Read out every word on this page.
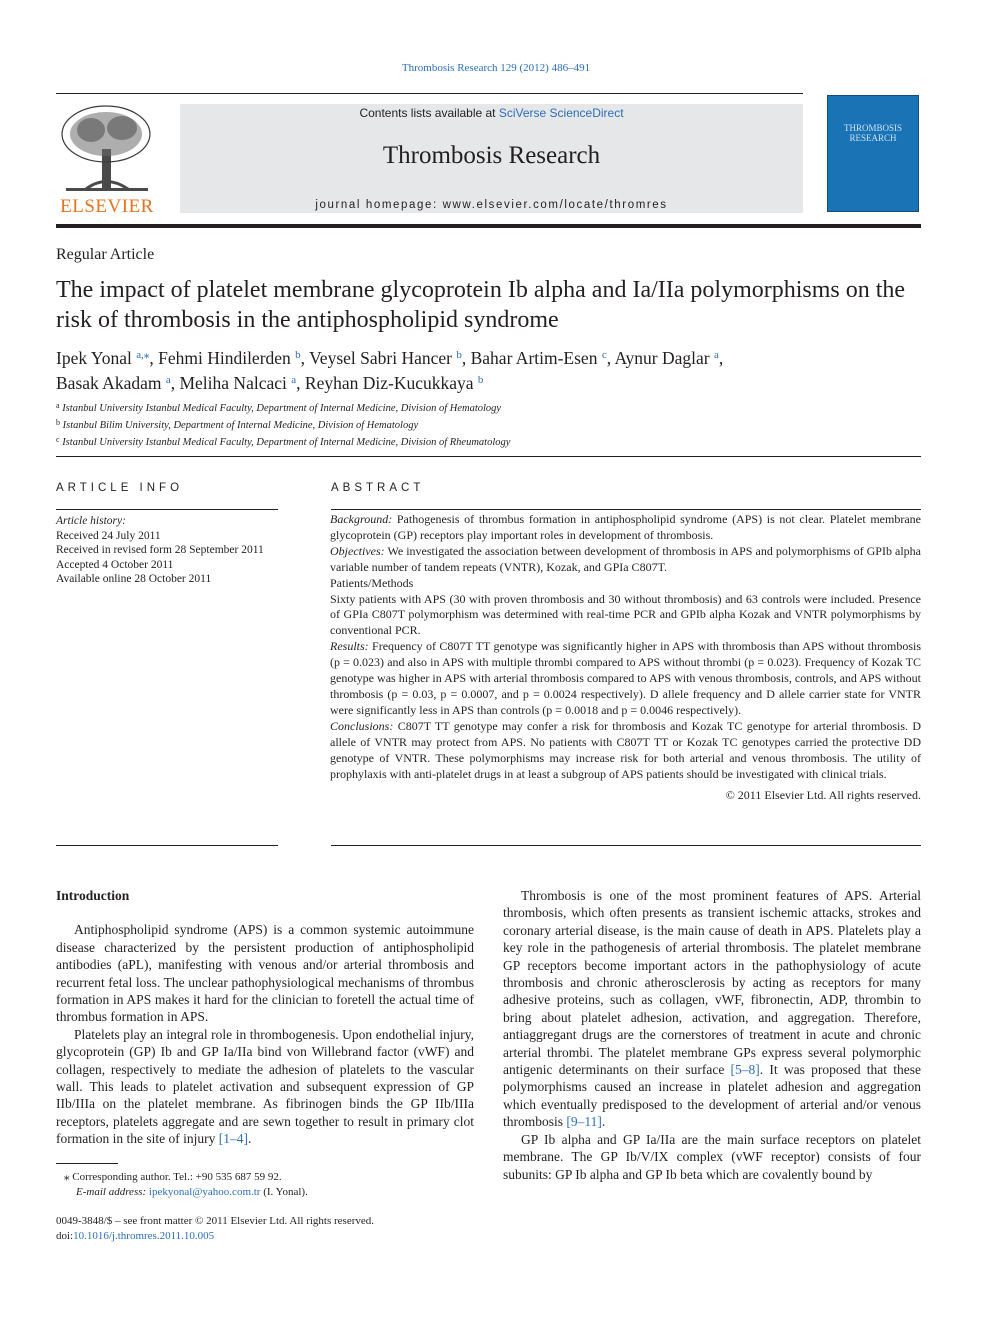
Thrombosis Research 129 (2012) 486–491
ELSEVIER
Contents lists available at SciVerse ScienceDirect
Thrombosis Research
journal homepage: www.elsevier.com/locate/thromres
THROMBOSIS RESEARCH
Regular Article
The impact of platelet membrane glycoprotein Ib alpha and Ia/IIa polymorphisms on the risk of thrombosis in the antiphospholipid syndrome
Ipek Yonal $^{a,⁎}$, Fehmi Hindilerden $^b$, Veysel Sabri Hancer $^b$, Bahar Artim-Esen $^c$, Aynur Daglar $^a$,
Basak Akadam $^a$, Meliha Nalcaci $^a$, Reyhan Diz-Kucukkaya $^b$
$^a$ Istanbul University Istanbul Medical Faculty, Department of Internal Medicine, Division of Hematology
$^b$ Istanbul Bilim University, Department of Internal Medicine, Division of Hematology
$^c$ Istanbul University Istanbul Medical Faculty, Department of Internal Medicine, Division of Rheumatology
ARTICLE INFO
Article history:
Received 24 July 2011
Received in revised form 28 September 2011
Accepted 4 October 2011
Available online 28 October 2011
ABSTRACT

Background: Pathogenesis of thrombus formation in antiphospholipid syndrome (APS) is not clear. Platelet membrane glycoprotein (GP) receptors play important roles in development of thrombosis.

Objectives: We investigated the association between development of thrombosis in APS and polymorphisms of GPIb alpha variable number of tandem repeats (VNTR), Kozak, and GPIa C807T.

Patients/Methods

Sixty patients with APS (30 with proven thrombosis and 30 without thrombosis) and 63 controls were included. Presence of GPIa C807T polymorphism was determined with real-time PCR and GPIb alpha Kozak and VNTR polymorphisms by conventional PCR.

Results: Frequency of C807T TT genotype was significantly higher in APS with thrombosis than APS without thrombosis (p = 0.023) and also in APS with multiple thrombi compared to APS without thrombi (p = 0.023). Frequency of Kozak TC genotype was higher in APS with arterial thrombosis compared to APS with venous thrombosis, controls, and APS without thrombosis (p = 0.03, p = 0.0007, and p = 0.0024 respectively). D allele frequency and D allele carrier state for VNTR were significantly less in APS than controls (p = 0.0018 and p = 0.0046 respectively).

Conclusions: C807T TT genotype may confer a risk for thrombosis and Kozak TC genotype for arterial thrombosis. D allele of VNTR may protect from APS. No patients with C807T TT or Kozak TC genotypes carried the protective DD genotype of VNTR. These polymorphisms may increase risk for both arterial and venous thrombosis. The utility of prophylaxis with anti-platelet drugs in at least a subgroup of APS patients should be investigated with clinical trials.

© 2011 Elsevier Ltd. All rights reserved.

Introduction

Antiphospholipid syndrome (APS) is a common systemic autoimmune disease characterized by the persistent production of antiphospholipid antibodies (aPL), manifesting with venous and/or arterial thrombosis and recurrent fetal loss. The unclear pathophysiological mechanisms of thrombus formation in APS makes it hard for the clinician to foretell the actual time of thrombus formation in APS.

Platelets play an integral role in thrombogenesis. Upon endothelial injury, glycoprotein (GP) Ib and GP Ia/IIa bind von Willebrand factor (vWF) and collagen, respectively to mediate the adhesion of platelets to the vascular wall. This leads to platelet activation and subsequent expression of GP IIb/IIIa on the platelet membrane. As fibrinogen binds the GP IIb/IIIa receptors, platelets aggregate and are sewn together to result in primary clot formation in the site of injury [1–4].

Thrombosis is one of the most prominent features of APS. Arterial thrombosis, which often presents as transient ischemic attacks, strokes and coronary arterial disease, is the main cause of death in APS. Platelets play a key role in the pathogenesis of arterial thrombosis. The platelet membrane GP receptors become important actors in the pathophysiology of acute thrombosis and chronic atherosclerosis by acting as receptors for many adhesive proteins, such as collagen, vWF, fibronectin, ADP, thrombin to bring about platelet adhesion, activation, and aggregation. Therefore, antiaggregant drugs are the cornerstores of treatment in acute and chronic arterial thrombi. The platelet membrane GPs express several polymorphic antigenic determinants on their surface [5–8]. It was proposed that these polymorphisms caused an increase in platelet adhesion and aggregation which eventually predisposed to the development of arterial and/or venous thrombosis [9–11].

GP Ib alpha and GP Ia/IIa are the main surface receptors on platelet membrane. The GP Ib/V/IX complex (vWF receptor) consists of four subunits: GP Ib alpha and GP Ib beta which are covalently bound by

⁎ Corresponding author. Tel.: +90 535 687 59 92.
E-mail address: ipekyonal@yahoo.com.tr (I. Yonal).
0049-3848/$ – see front matter © 2011 Elsevier Ltd. All rights reserved.
doi:10.1016/j.thromres.2011.10.005
